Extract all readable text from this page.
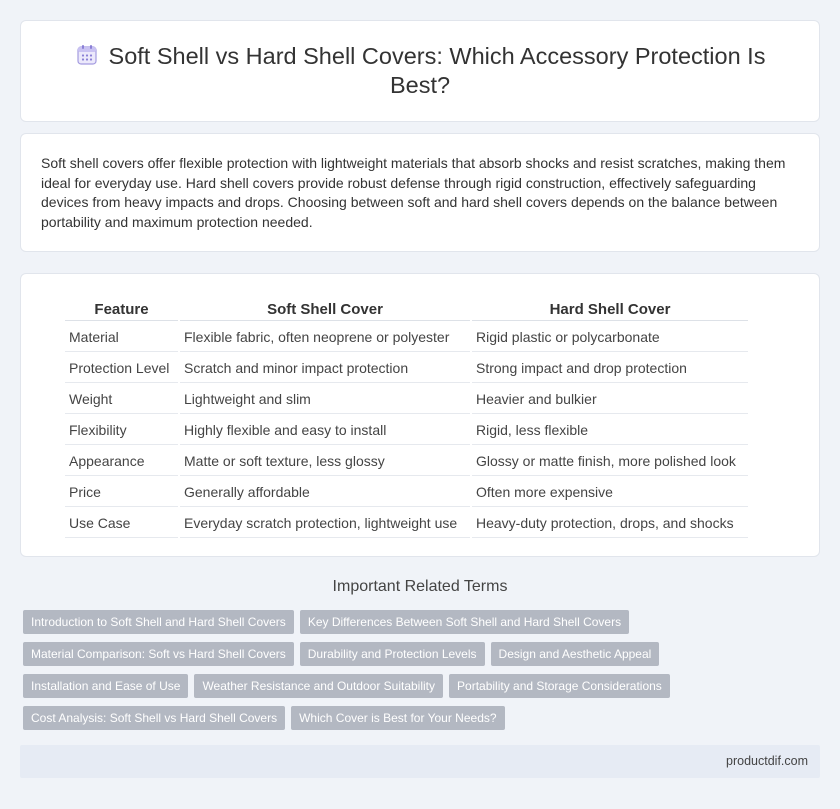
Soft Shell vs Hard Shell Covers: Which Accessory Protection Is Best?

Soft shell covers offer flexible protection with lightweight materials that absorb shocks and resist scratches, making them ideal for everyday use. Hard shell covers provide robust defense through rigid construction, effectively safeguarding devices from heavy impacts and drops. Choosing between soft and hard shell covers depends on the balance between portability and maximum protection needed.

Feature	Soft Shell Cover	Hard Shell Cover
Material	Flexible fabric, often neoprene or polyester	Rigid plastic or polycarbonate
Protection Level	Scratch and minor impact protection	Strong impact and drop protection
Weight	Lightweight and slim	Heavier and bulkier
Flexibility	Highly flexible and easy to install	Rigid, less flexible
Appearance	Matte or soft texture, less glossy	Glossy or matte finish, more polished look
Price	Generally affordable	Often more expensive
Use Case	Everyday scratch protection, lightweight use	Heavy-duty protection, drops, and shocks
Important Related Terms
Introduction to Soft Shell and Hard Shell Covers	Key Differences Between Soft Shell and Hard Shell Covers
Material Comparison: Soft vs Hard Shell Covers	Durability and Protection Levels	Design and Aesthetic Appeal
Installation and Ease of Use	Weather Resistance and Outdoor Suitability	Portability and Storage Considerations
Cost Analysis: Soft Shell vs Hard Shell Covers	Which Cover is Best for Your Needs?
productdif.com
